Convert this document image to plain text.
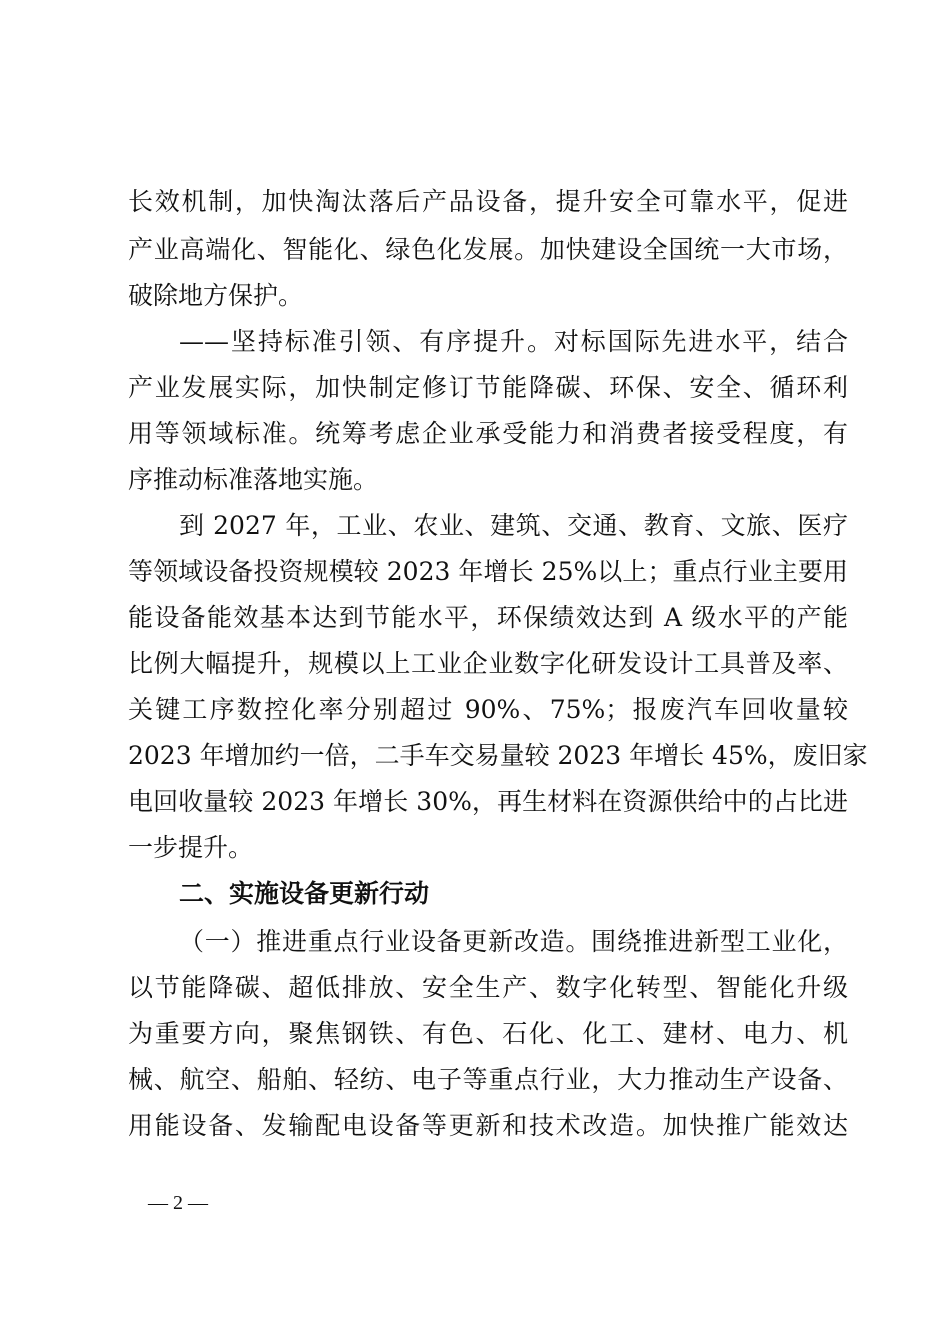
长效机制，加快淘汰落后产品设备，提升安全可靠水平，促进
产业高端化、智能化、绿色化发展。加快建设全国统一大市场，
破除地方保护。
——坚持标准引领、有序提升。对标国际先进水平，结合
产业发展实际，加快制定修订节能降碳、环保、安全、循环利
用等领域标准。统筹考虑企业承受能力和消费者接受程度，有
序推动标准落地实施。
到 2027 年，工业、农业、建筑、交通、教育、文旅、医疗
等领域设备投资规模较 2023 年增长 25%以上；重点行业主要用
能设备能效基本达到节能水平，环保绩效达到 A 级水平的产能
比例大幅提升，规模以上工业企业数字化研发设计工具普及率、
关键工序数控化率分别超过 90%、75%；报废汽车回收量较
2023 年增加约一倍，二手车交易量较 2023 年增长 45%，废旧家
电回收量较 2023 年增长 30%，再生材料在资源供给中的占比进
一步提升。
二、实施设备更新行动
（一）推进重点行业设备更新改造。围绕推进新型工业化，
以节能降碳、超低排放、安全生产、数字化转型、智能化升级
为重要方向，聚焦钢铁、有色、石化、化工、建材、电力、机
械、航空、船舶、轻纺、电子等重点行业，大力推动生产设备、
用能设备、发输配电设备等更新和技术改造。加快推广能效达
— 2 —
